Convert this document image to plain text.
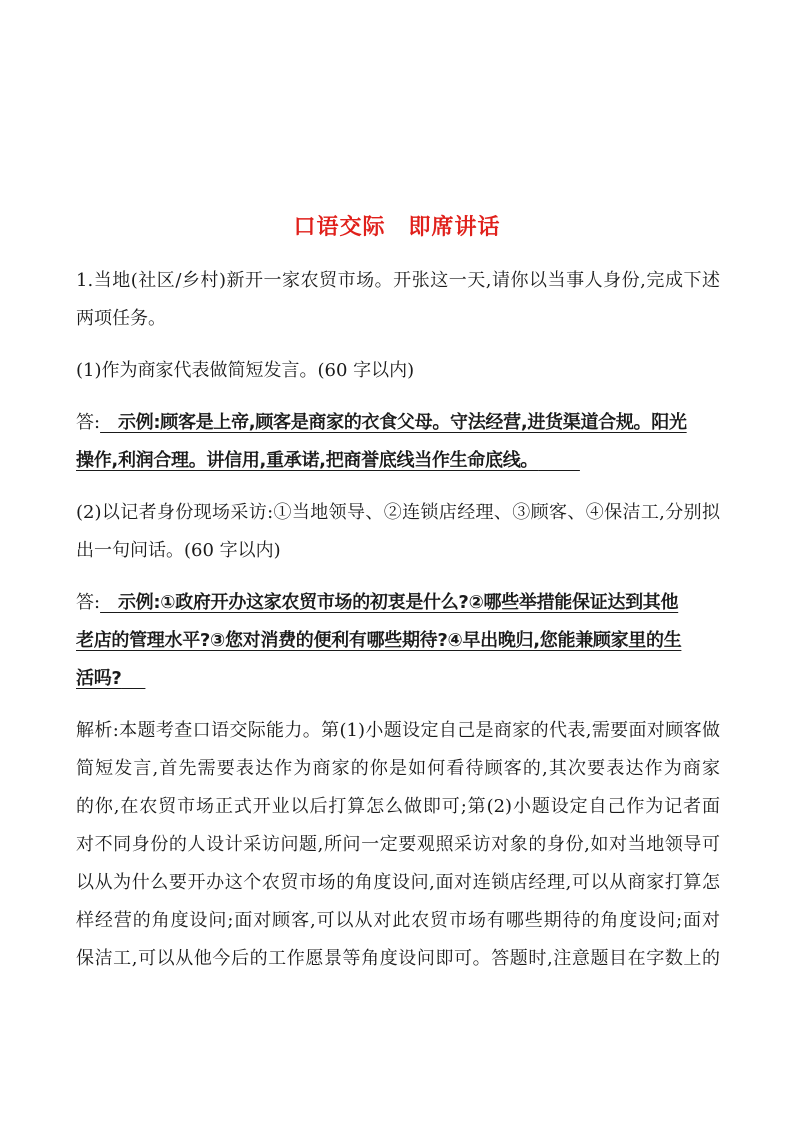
口语交际　即席讲话
1.当地(社区/乡村)新开一家农贸市场。开张这一天,请你以当事人身份,完成下述
两项任务。
(1)作为商家代表做简短发言。(60 字以内)
答: 示例:顾客是上帝,顾客是商家的衣食父母。守法经营,进货渠道合规。阳光
操作,利润合理。讲信用,重承诺,把商誉底线当作生命底线。
(2)以记者身份现场采访:①当地领导、②连锁店经理、③顾客、④保洁工,分别拟
出一句问话。(60 字以内)
答: 示例:①政府开办这家农贸市场的初衷是什么?②哪些举措能保证达到其他
老店的管理水平?③您对消费的便利有哪些期待?④早出晚归,您能兼顾家里的生
活吗?
解析:本题考查口语交际能力。第(1)小题设定自己是商家的代表,需要面对顾客做
简短发言,首先需要表达作为商家的你是如何看待顾客的,其次要表达作为商家
的你,在农贸市场正式开业以后打算怎么做即可;第(2)小题设定自己作为记者面
对不同身份的人设计采访问题,所问一定要观照采访对象的身份,如对当地领导可
以从为什么要开办这个农贸市场的角度设问,面对连锁店经理,可以从商家打算怎
样经营的角度设问;面对顾客,可以从对此农贸市场有哪些期待的角度设问;面对
保洁工,可以从他今后的工作愿景等角度设问即可。答题时,注意题目在字数上的
